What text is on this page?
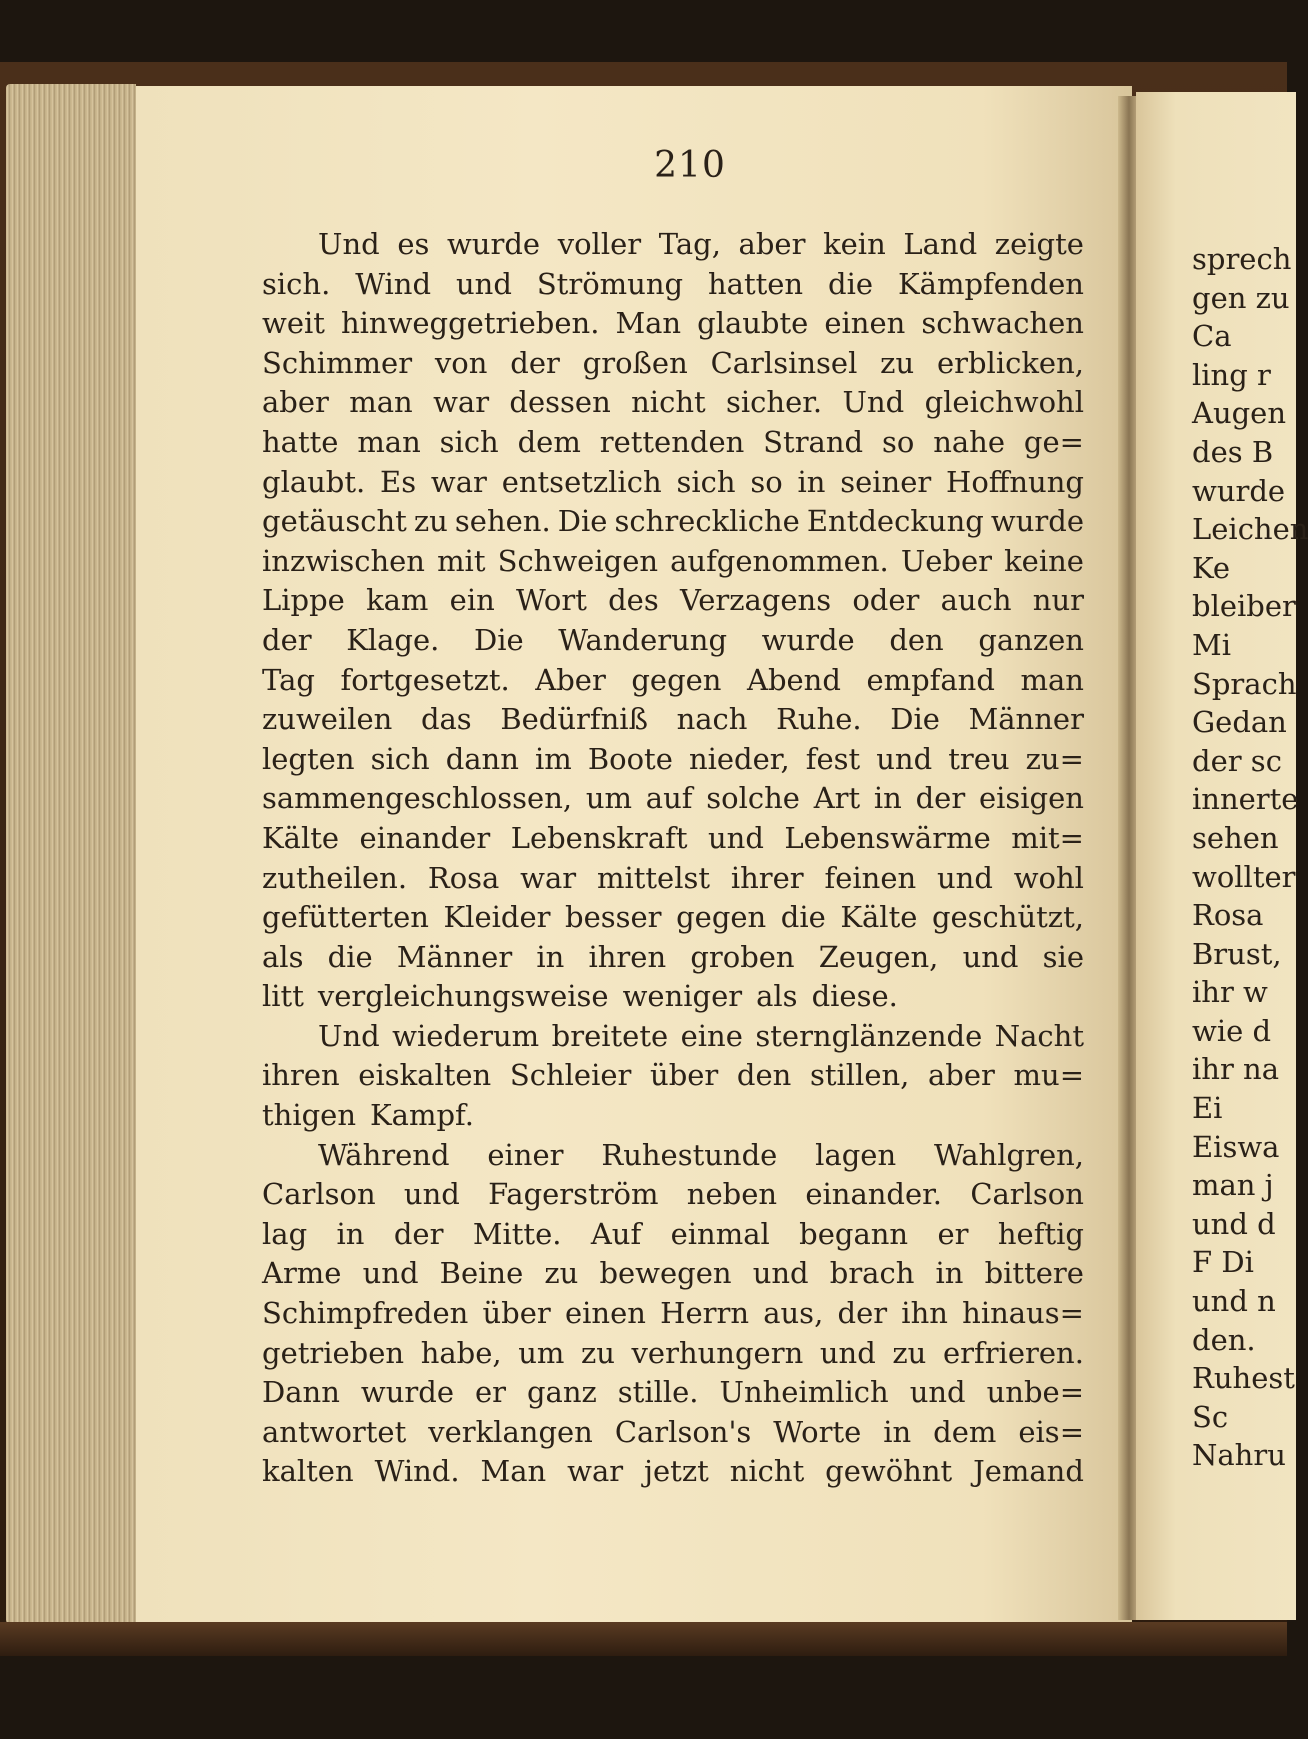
210
Und es wurde voller Tag, aber kein Land zeigte
sich. Wind und Strömung hatten die Kämpfenden
weit hinweggetrieben. Man glaubte einen schwachen
Schimmer von der großen Carlsinsel zu erblicken,
aber man war dessen nicht sicher. Und gleichwohl
hatte man sich dem rettenden Strand so nahe ge=
glaubt. Es war entsetzlich sich so in seiner Hoffnung
getäuscht zu sehen. Die schreckliche Entdeckung wurde
inzwischen mit Schweigen aufgenommen. Ueber keine
Lippe kam ein Wort des Verzagens oder auch nur
der Klage. Die Wanderung wurde den ganzen
Tag fortgesetzt. Aber gegen Abend empfand man
zuweilen das Bedürfniß nach Ruhe. Die Männer
legten sich dann im Boote nieder, fest und treu zu=
sammengeschlossen, um auf solche Art in der eisigen
Kälte einander Lebenskraft und Lebenswärme mit=
zutheilen. Rosa war mittelst ihrer feinen und wohl
gefütterten Kleider besser gegen die Kälte geschützt,
als die Männer in ihren groben Zeugen, und sie
litt vergleichungsweise weniger als diese.
Und wiederum breitete eine sternglänzende Nacht
ihren eiskalten Schleier über den stillen, aber mu=
thigen Kampf.
Während einer Ruhestunde lagen Wahlgren,
Carlson und Fagerström neben einander. Carlson
lag in der Mitte. Auf einmal begann er heftig
Arme und Beine zu bewegen und brach in bittere
Schimpfreden über einen Herrn aus, der ihn hinaus=
getrieben habe, um zu verhungern und zu erfrieren.
Dann wurde er ganz stille. Unheimlich und unbe=
antwortet verklangen Carlson's Worte in dem eis=
kalten Wind. Man war jetzt nicht gewöhnt Jemand
sprech
gen zu
Ca
ling r
Augen
des B
wurde
Leichen
Ke
bleiber
Mi
Sprach
Gedan
der sc
innerte
sehen
wollter
Rosa
Brust,
ihr w
wie d
ihr na
Ei
Eiswa
man j
und d
F Di
und n
den.
Ruhest
Sc
Nahru
